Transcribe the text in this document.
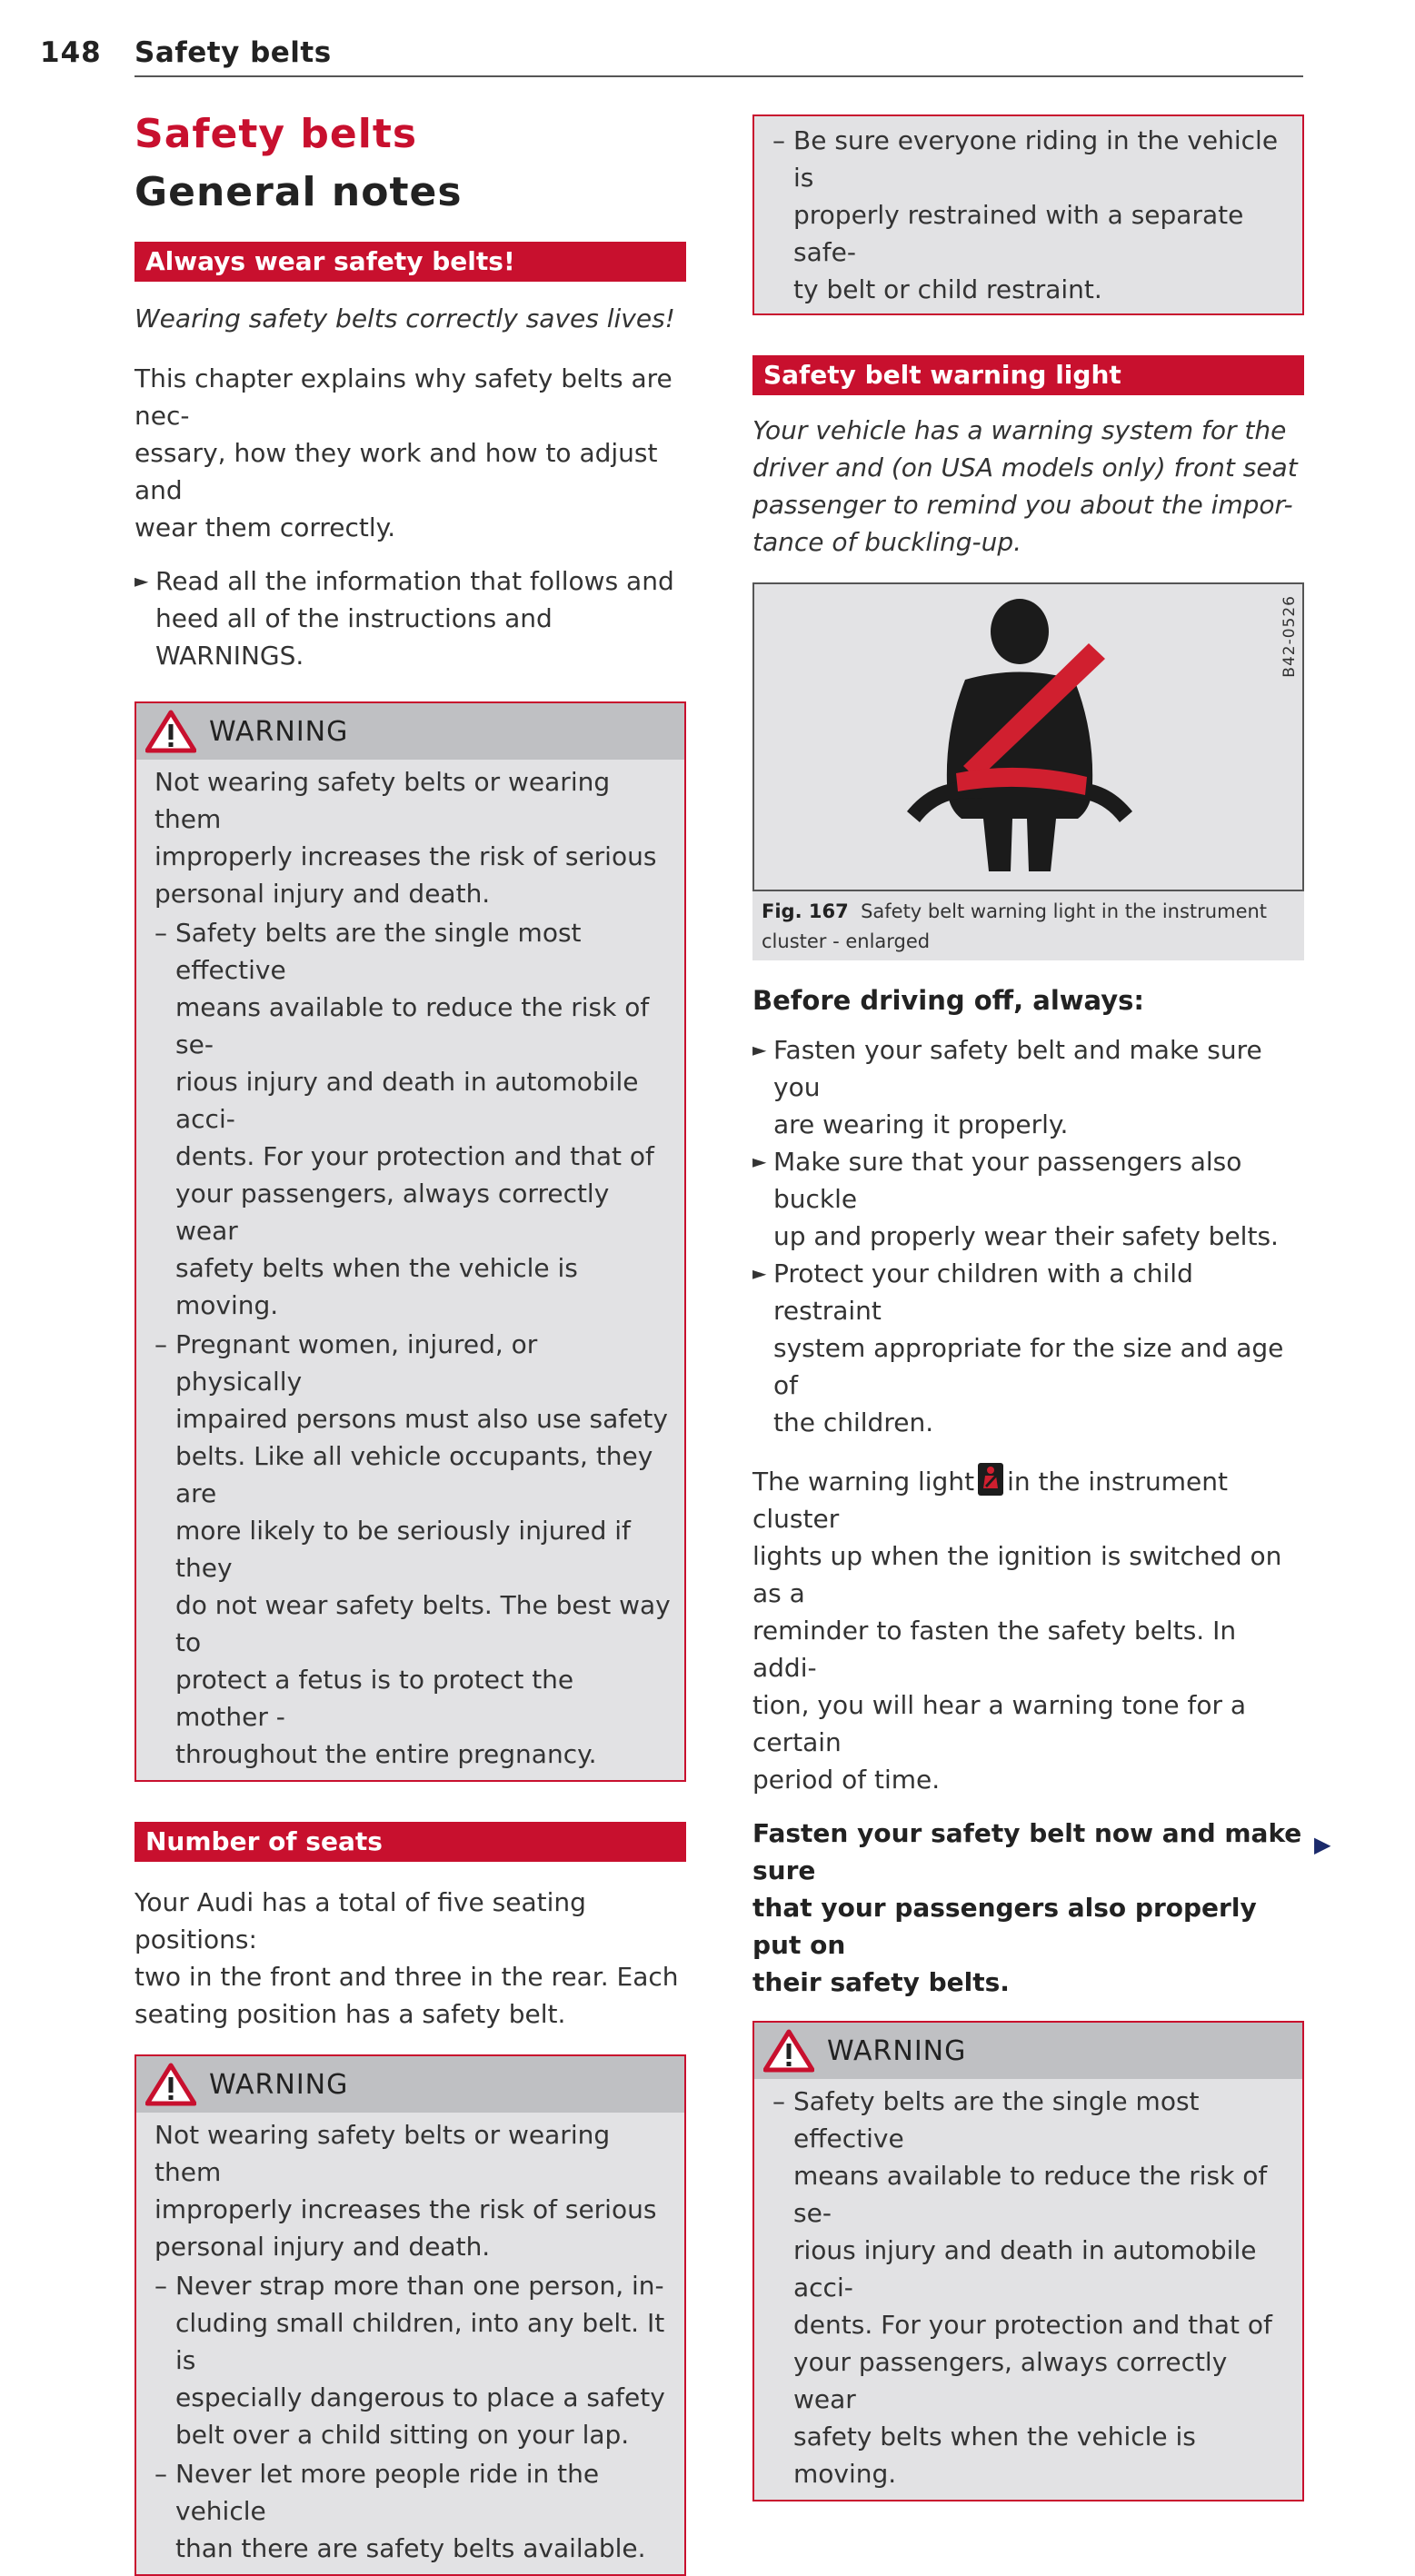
148 Safety belts
Safety belts
General notes
Always wear safety belts!
Wearing safety belts correctly saves lives!

This chapter explains why safety belts are nec-

essary, how they work and how to adjust and

wear them correctly.

► Read all the information that follows and
heed all of the instructions and WARNINGS.
WARNING

Not wearing safety belts or wearing them

improperly increases the risk of serious

personal injury and death.

– Safety belts are the single most effective
means available to reduce the risk of se-
rious injury and death in automobile acci-
dents. For your protection and that of
your passengers, always correctly wear
safety belts when the vehicle is moving.
– Pregnant women, injured, or physically
impaired persons must also use safety
belts. Like all vehicle occupants, they are
more likely to be seriously injured if they
do not wear safety belts. The best way to
protect a fetus is to protect the mother -
throughout the entire pregnancy.
Number of seats

Your Audi has a total of five seating positions:

two in the front and three in the rear. Each

seating position has a safety belt.

WARNING

Not wearing safety belts or wearing them

improperly increases the risk of serious

personal injury and death.

– Never strap more than one person, in-
cluding small children, into any belt. It is
especially dangerous to place a safety
belt over a child sitting on your lap.
– Never let more people ride in the vehicle
than there are safety belts available.
– Be sure everyone riding in the vehicle is
properly restrained with a separate safe-
ty belt or child restraint.
Safety belt warning light
Your vehicle has a warning system for the
driver and (on USA models only) front seat
passenger to remind you about the impor-
tance of buckling-up.
B42-0526
Fig. 167 Safety belt warning light in the instrument
cluster - enlarged
Before driving off, always:
► Fasten your safety belt and make sure you
are wearing it properly.
► Make sure that your passengers also buckle
up and properly wear their safety belts.
► Protect your children with a child restraint
system appropriate for the size and age of
the children.

The warning light in the instrument cluster

lights up when the ignition is switched on as a

reminder to fasten the safety belts. In addi-

tion, you will hear a warning tone for a certain

period of time.

Fasten your safety belt now and make sure

that your passengers also properly put on

their safety belts.

WARNING
– Safety belts are the single most effective
means available to reduce the risk of se-
rious injury and death in automobile acci-
dents. For your protection and that of
your passengers, always correctly wear
safety belts when the vehicle is moving.
▶
